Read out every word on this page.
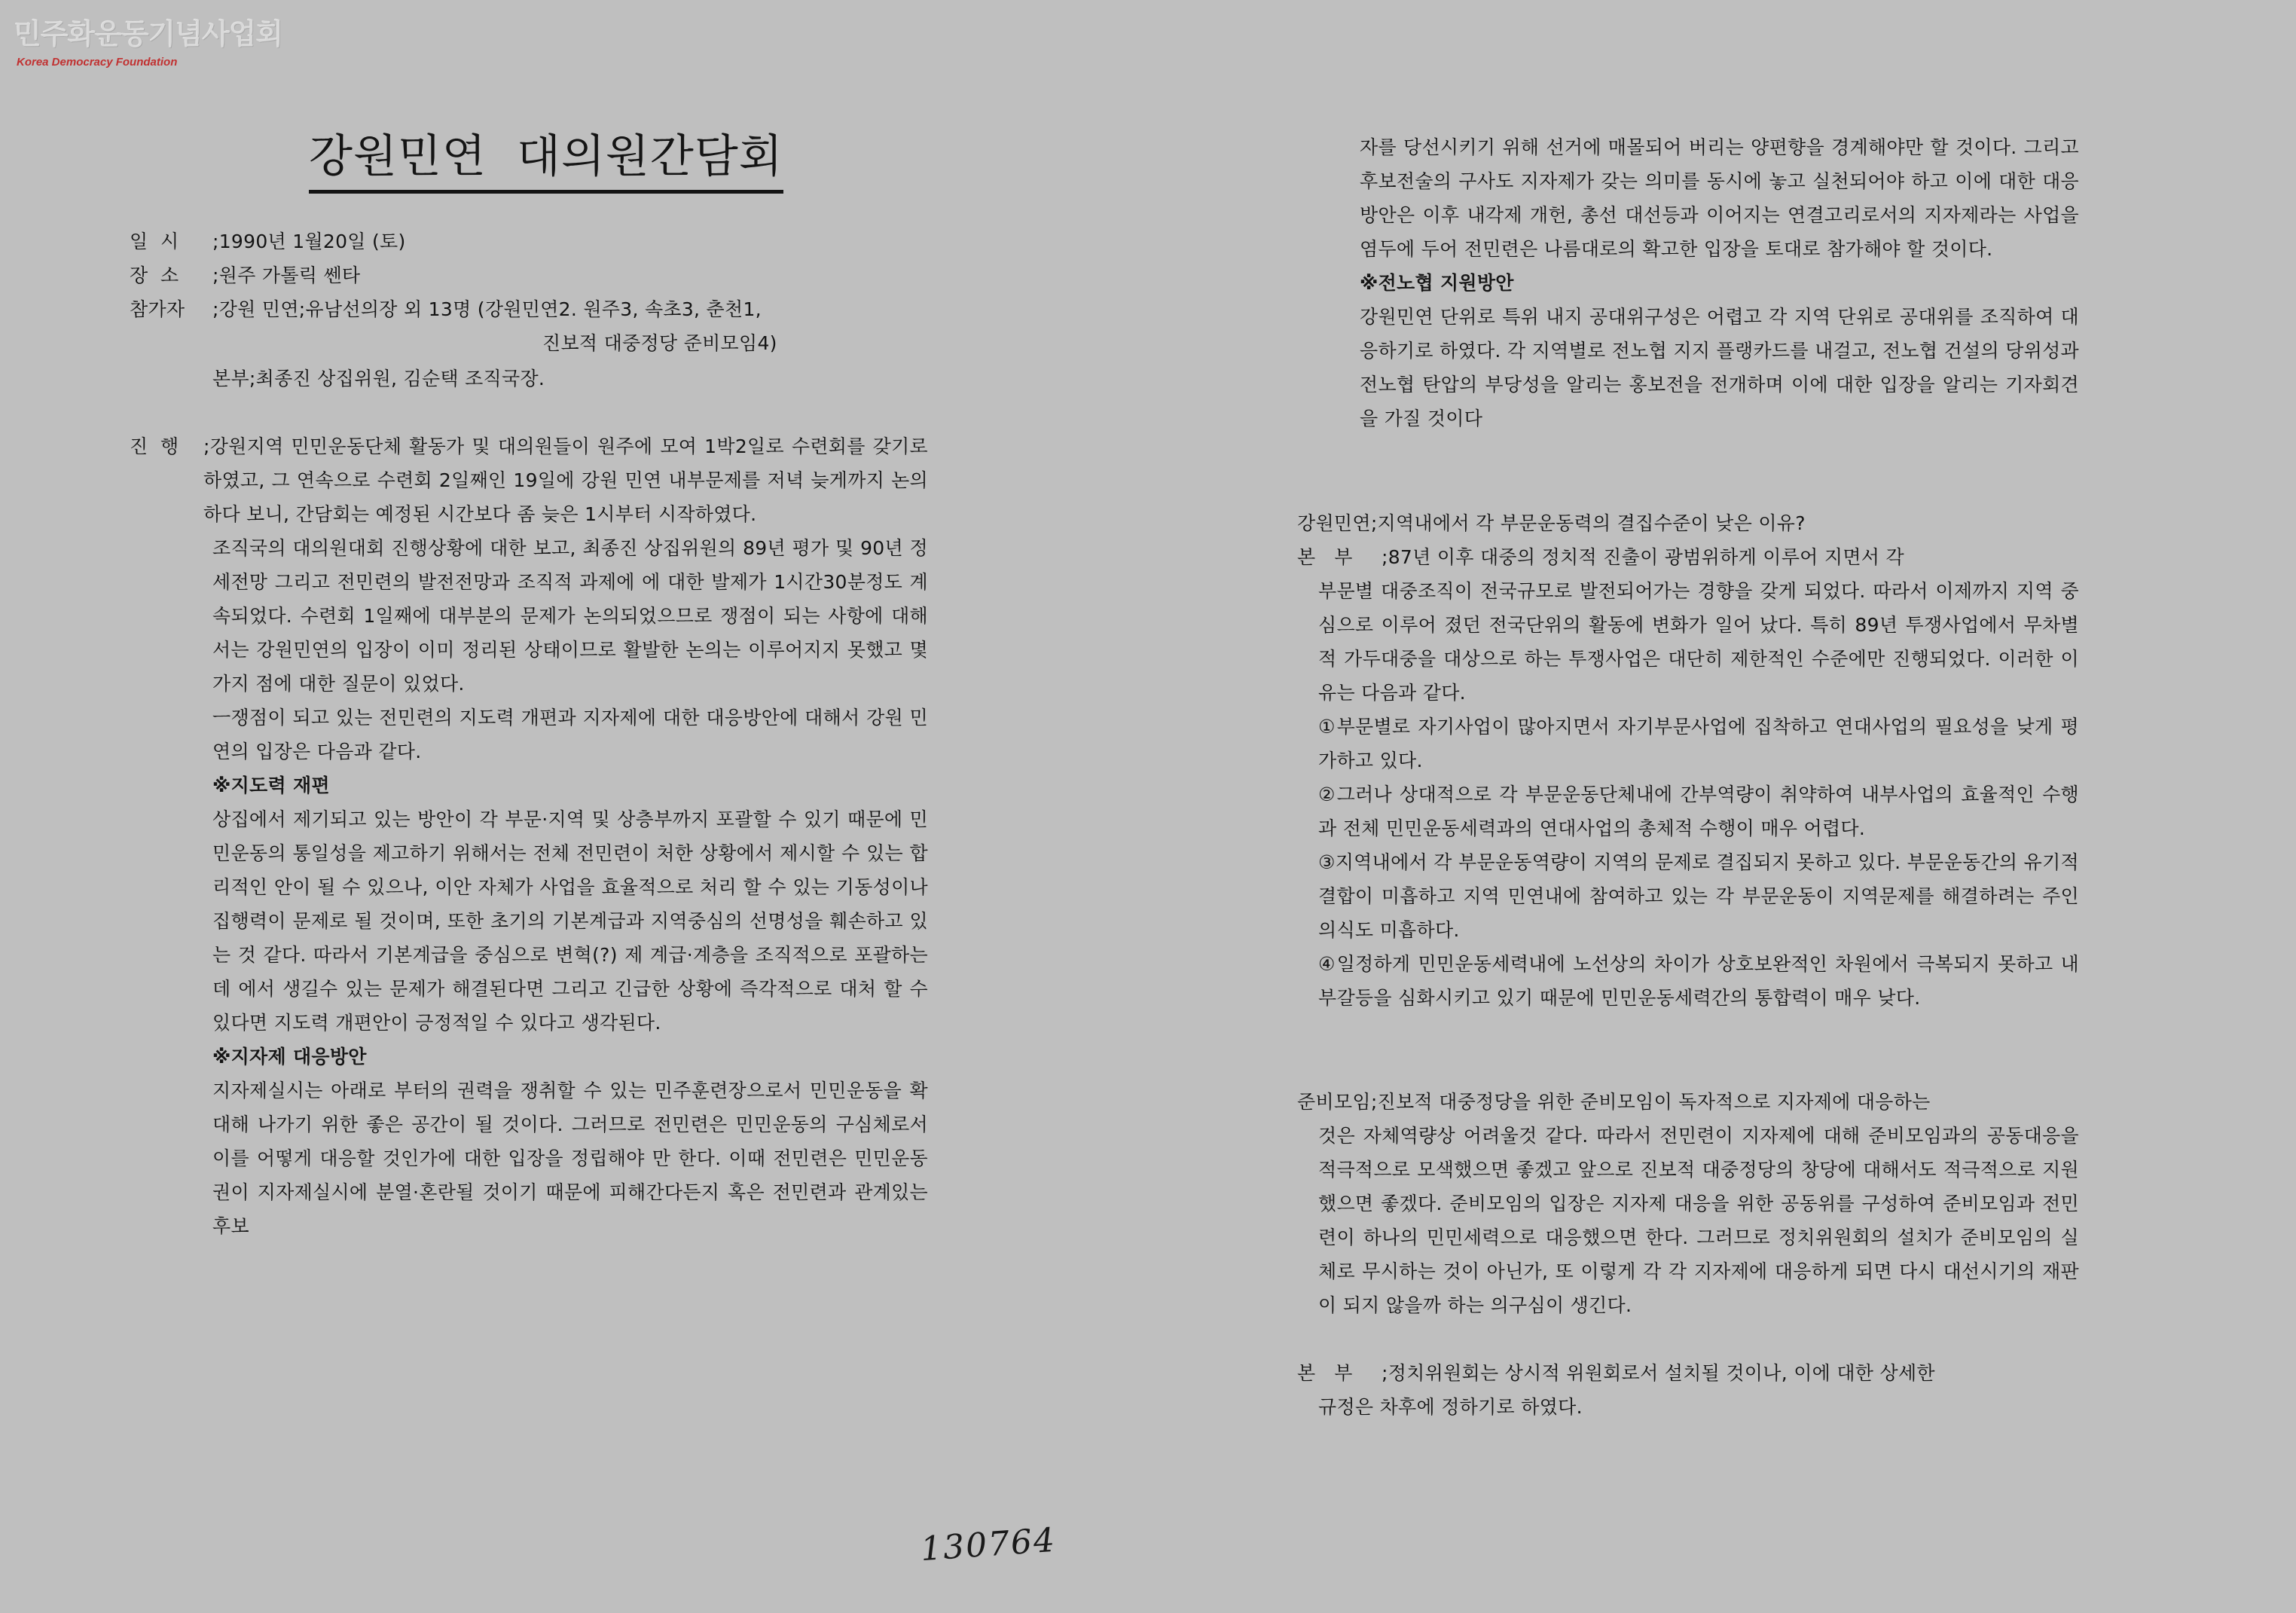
민주화운동기념사업회
Korea Democracy Foundation
강원민연  대의원간담회
일  시 ;1990년 1월20일 (토)
장  소 ;원주 가톨릭 쎈타
참가자 ;강원 민연;유남선의장 외 13명 (강원민연2. 원주3, 속초3, 춘천1,
진보적 대중정당 준비모임4)
본부;최종진 상집위원, 김순택 조직국장.
진  행	;강원지역 민민운동단체 활동가 및 대의원들이 원주에 모여 1박2일로 수련회를 갖기로 하였고, 그 연속으로 수련회 2일째인 19일에 강원 민연 내부문제를 저녁 늦게까지 논의하다 보니, 간담회는 예정된 시간보다 좀 늦은 1시부터 시작하였다.

조직국의 대의원대회 진행상황에 대한 보고, 최종진 상집위원의 89년 평가 및 90년 정세전망 그리고 전민련의 발전전망과 조직적 과제에 에 대한 발제가 1시간30분정도 계속되었다. 수련회 1일째에 대부분의 문제가 논의되었으므로 쟁점이 되는 사항에 대해서는 강원민연의 입장이 이미 정리된 상태이므로 활발한 논의는 이루어지지 못했고 몇가지 점에 대한 질문이 있었다.

ㅡ쟁점이 되고 있는 전민련의 지도력 개편과 지자제에 대한 대응방안에 대해서 강원 민연의 입장은 다음과 같다.

※지도력 재편

상집에서 제기되고 있는 방안이 각 부문·지역 및 상층부까지 포괄할 수 있기 때문에 민민운동의 통일성을 제고하기 위해서는 전체 전민련이 처한 상황에서 제시할 수 있는 합리적인 안이 될 수 있으나, 이안 자체가 사업을 효율적으로 처리 할 수 있는 기동성이나 집행력이 문제로 될 것이며, 또한 초기의 기본계급과 지역중심의 선명성을 훼손하고 있는 것 같다. 따라서 기본계급을 중심으로 변혁(?) 제 계급·계층을 조직적으로 포괄하는데 에서 생길수 있는 문제가 해결된다면 그리고 긴급한 상황에 즉각적으로 대처 할 수 있다면 지도력 개편안이 긍정적일 수 있다고 생각된다.

※지자제 대응방안

지자제실시는 아래로 부터의 권력을 쟁취할 수 있는 민주훈련장으로서 민민운동을 확대해 나가기 위한 좋은 공간이 될 것이다. 그러므로 전민련은 민민운동의 구심체로서 이를 어떻게 대응할 것인가에 대한 입장을 정립해야 만 한다. 이때 전민련은 민민운동권이 지자제실시에 분열·혼란될 것이기 때문에 피해간다든지 혹은 전민련과 관계있는 후보

자를 당선시키기 위해 선거에 매몰되어 버리는 양편향을 경계해야만 할 것이다. 그리고 후보전술의 구사도 지자제가 갖는 의미를 동시에 놓고 실천되어야 하고 이에 대한 대응방안은 이후 내각제 개헌, 총선 대선등과 이어지는 연결고리로서의 지자제라는 사업을 염두에 두어 전민련은 나름대로의 확고한 입장을 토대로 참가해야 할 것이다.

※전노협 지원방안

강원민연 단위로 특위 내지 공대위구성은 어렵고 각 지역 단위로 공대위를 조직하여 대응하기로 하였다. 각 지역별로 전노협 지지 플랭카드를 내걸고, 전노협 건설의 당위성과 전노협 탄압의 부당성을 알리는 홍보전을 전개하며 이에 대한 입장을 알리는 기자회견을 가질 것이다

강원민연;지역내에서 각 부문운동력의 결집수준이 낮은 이유?
본   부 ;87년 이후 대중의 정치적 진출이 광범위하게 이루어 지면서 각

부문별 대중조직이 전국규모로 발전되어가는 경향을 갖게 되었다. 따라서 이제까지 지역 중심으로 이루어 졌던 전국단위의 활동에 변화가 일어 났다. 특히 89년 투쟁사업에서 무차별적 가두대중을 대상으로 하는 투쟁사업은 대단히 제한적인 수준에만 진행되었다. 이러한 이유는 다음과 같다.

①부문별로 자기사업이 많아지면서 자기부문사업에 집착하고 연대사업의 필요성을 낮게 평가하고 있다.

②그러나 상대적으로 각 부문운동단체내에 간부역량이 취약하여 내부사업의 효율적인 수행과 전체 민민운동세력과의 연대사업의 총체적 수행이 매우 어렵다.

③지역내에서 각 부문운동역량이 지역의 문제로 결집되지 못하고 있다. 부문운동간의 유기적 결합이 미흡하고 지역 민연내에 참여하고 있는 각 부문운동이 지역문제를 해결하려는 주인의식도 미흡하다.

④일정하게 민민운동세력내에 노선상의 차이가 상호보완적인 차원에서 극복되지 못하고 내부갈등을 심화시키고 있기 때문에 민민운동세력간의 통합력이 매우 낮다.

준비모임;진보적 대중정당을 위한 준비모임이 독자적으로 지자제에 대응하는

것은 자체역량상 어려울것 같다. 따라서 전민련이 지자제에 대해 준비모임과의 공동대응을 적극적으로 모색했으면 좋겠고 앞으로 진보적 대중정당의 창당에 대해서도 적극적으로 지원했으면 좋겠다. 준비모임의 입장은 지자제 대응을 위한 공동위를 구성하여 준비모임과 전민련이 하나의 민민세력으로 대응했으면 한다. 그러므로 정치위원회의 설치가 준비모임의 실체로 무시하는 것이 아닌가, 또 이렇게 각 각 지자제에 대응하게 되면 다시 대선시기의 재판이 되지 않을까 하는 의구심이 생긴다.

본   부 ;정치위원회는 상시적 위원회로서 설치될 것이나, 이에 대한 상세한
규정은 차후에 정하기로 하였다.
130764
